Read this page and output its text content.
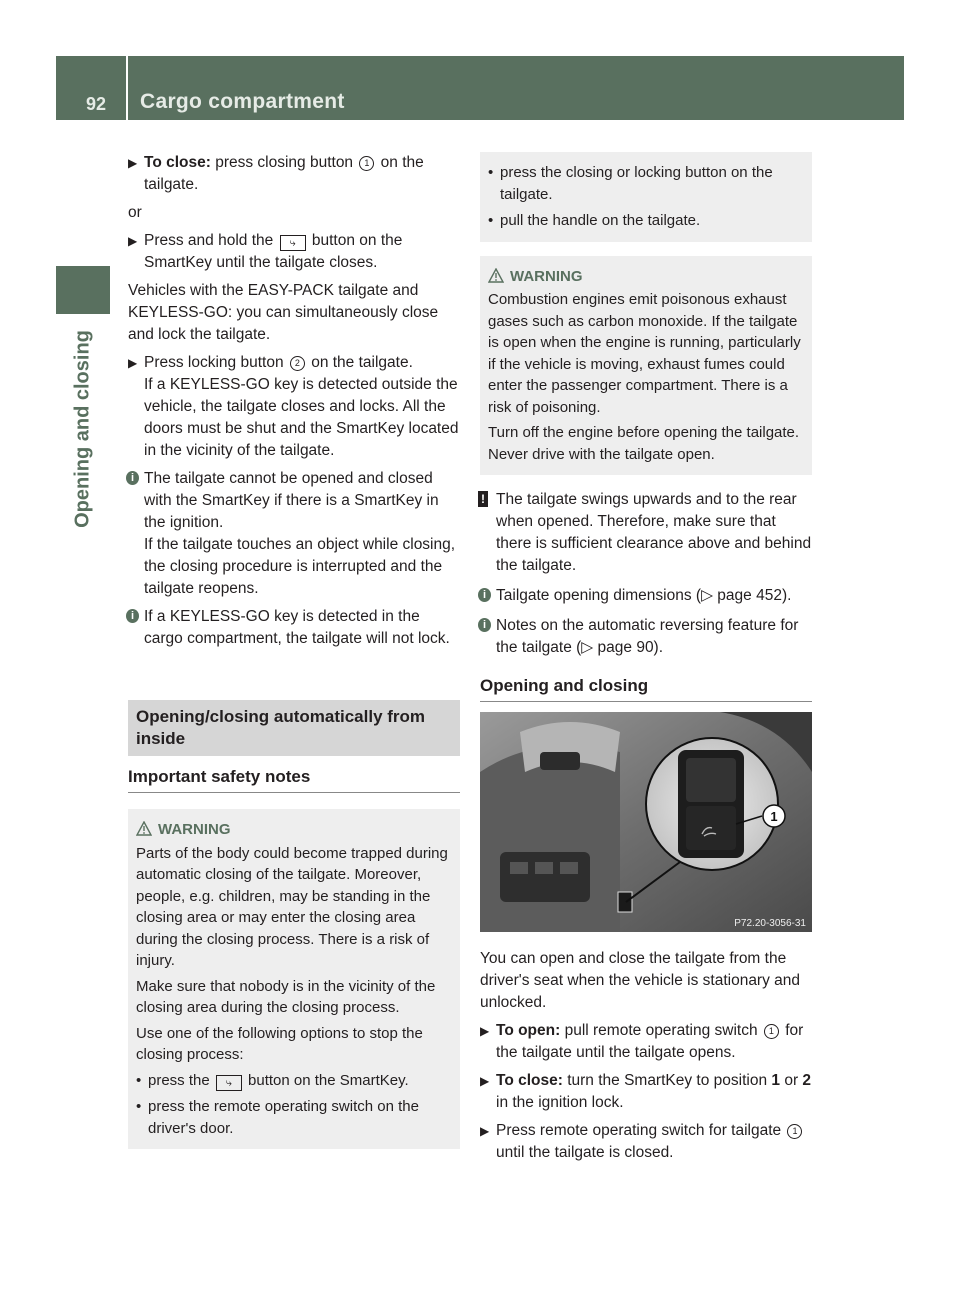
92 Cargo compartment
Opening and closing

▶ To close: press closing button 1 on the tailgate.

or

▶ Press and hold the ⤷ button on the SmartKey until the tailgate closes.

Vehicles with the EASY-PACK tailgate and KEYLESS-GO: you can simultaneously close and lock the tailgate.

▶ Press locking button 2 on the tailgate.

If a KEYLESS-GO key is detected outside the vehicle, the tailgate closes and locks. All the doors must be shut and the SmartKey located in the vicinity of the tailgate.

i The tailgate cannot be opened and closed with the SmartKey if there is a SmartKey in the ignition.

If the tailgate touches an object while closing, the closing procedure is interrupted and the tailgate reopens.

i If a KEYLESS-GO key is detected in the cargo compartment, the tailgate will not lock.

Opening/closing automatically from inside
Important safety notes
WARNING

Parts of the body could become trapped during automatic closing of the tailgate. Moreover, people, e.g. children, may be standing in the closing area or may enter the closing area during the closing process. There is a risk of injury.

Make sure that nobody is in the vicinity of the closing area during the closing process.

Use one of the following options to stop the closing process:

• press the ⤷ button on the SmartKey.

• press the remote operating switch on the driver's door.

• press the closing or locking button on the tailgate.

• pull the handle on the tailgate.

WARNING

Combustion engines emit poisonous exhaust gases such as carbon monoxide. If the tailgate is open when the engine is running, particularly if the vehicle is moving, exhaust fumes could enter the passenger compartment. There is a risk of poisoning.

Turn off the engine before opening the tailgate. Never drive with the tailgate open.

! The tailgate swings upwards and to the rear when opened. Therefore, make sure that there is sufficient clearance above and behind the tailgate.

i Tailgate opening dimensions (▷ page 452).

i Notes on the automatic reversing feature for the tailgate (▷ page 90).

Opening and closing
1
P72.20-3056-31

You can open and close the tailgate from the driver's seat when the vehicle is stationary and unlocked.

▶ To open: pull remote operating switch 1 for the tailgate until the tailgate opens.

▶ To close: turn the SmartKey to position 1 or 2 in the ignition lock.

▶ Press remote operating switch for tailgate 1 until the tailgate is closed.
